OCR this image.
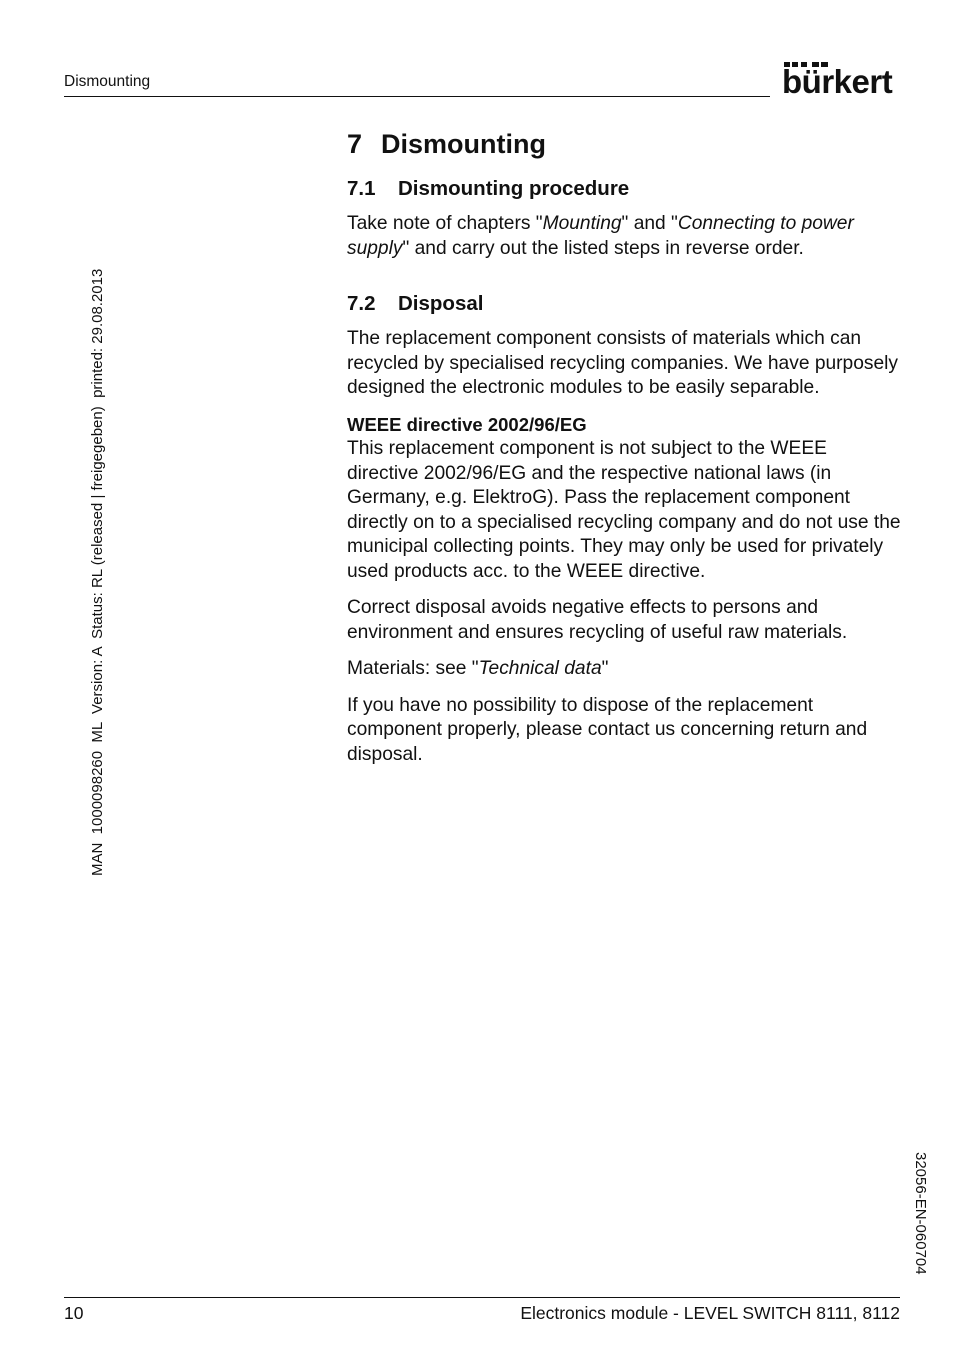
Dismounting	bürkert
MAN  1000098260  ML  Version: A  Status: RL (released | freigegeben)  printed: 29.08.2013
32056-EN-060704
7 Dismounting
7.1 Dismounting procedure

Take note of chapters "Mounting" and "Connecting to power supply" and carry out the listed steps in reverse order.

7.2 Disposal

The replacement component consists of materials which can recycled by specialised recycling companies. We have purposely designed the electronic modules to be easily separable.

WEEE directive 2002/96/EG
This replacement component is not subject to the WEEE directive 2002/96/EG and the respective national laws (in Germany, e.g. ElektroG). Pass the replacement component directly on to a specialised recycling company and do not use the municipal collecting points. They may only be used for privately used products acc. to the WEEE directive.

Correct disposal avoids negative effects to persons and environment and ensures recycling of useful raw materials.

Materials: see "Technical data"

If you have no possibility to dispose of the replacement component properly, please contact us concerning return and disposal.

10	Electronics module - LEVEL SWITCH 8111, 8112
